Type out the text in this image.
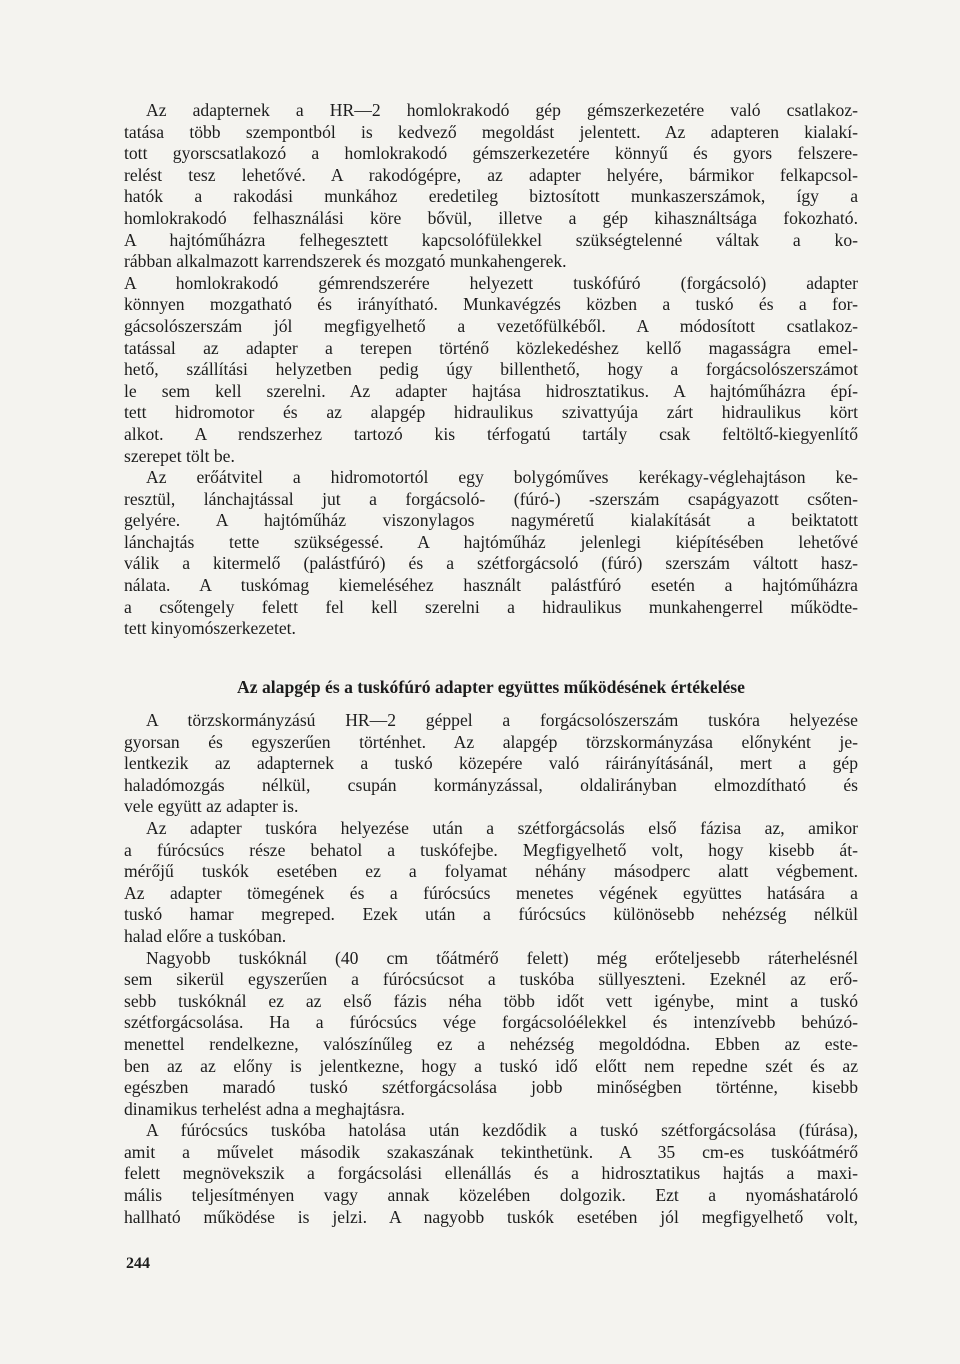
Az adapternek a HR—2 homlokrakodó gép gémszerkezetére való csatlakoz-
tatása több szempontból is kedvező megoldást jelentett. Az adapteren kialakí-
tott gyorscsatlakozó a homlokrakodó gémszerkezetére könnyű és gyors felszere-
relést tesz lehetővé. A rakodógépre, az adapter helyére, bármikor felkapcsol-
hatók a rakodási munkához eredetileg biztosított munkaszerszámok, így a
homlokrakodó felhasználási köre bővül, illetve a gép kihasználtsága fokozható.
A hajtóműházra felhegesztett kapcsolófülekkel szükségtelenné váltak a ko-
rábban alkalmazott karrendszerek és mozgató munkahengerek.
A homlokrakodó gémrendszerére helyezett tuskófúró (forgácsoló) adapter
könnyen mozgatható és irányítható. Munkavégzés közben a tuskó és a for-
gácsolószerszám jól megfigyelhető a vezetőfülkéből. A módosított csatlakoz-
tatással az adapter a terepen történő közlekedéshez kellő magasságra emel-
hető, szállítási helyzetben pedig úgy billenthető, hogy a forgácsolószerszámot
le sem kell szerelni. Az adapter hajtása hidrosztatikus. A hajtóműházra épí-
tett hidromotor és az alapgép hidraulikus szivattyúja zárt hidraulikus kört
alkot. A rendszerhez tartozó kis térfogatú tartály csak feltöltő-kiegyenlítő
szerepet tölt be.
Az erőátvitel a hidromotortól egy bolygóműves kerékagy-véglehajtáson ke-
resztül, lánchajtással jut a forgácsoló- (fúró-) -szerszám csapágyazott csőten-
gelyére. A hajtóműház viszonylagos nagyméretű kialakítását a beiktatott
lánchajtás tette szükségessé. A hajtóműház jelenlegi kiépítésében lehetővé
válik a kitermelő (palástfúró) és a szétforgácsoló (fúró) szerszám váltott hasz-
nálata. A tuskómag kiemeléséhez használt palástfúró esetén a hajtóműházra
a csőtengely felett fel kell szerelni a hidraulikus munkahengerrel működte-
tett kinyomószerkezetet.
Az alapgép és a tuskófúró adapter együttes működésének értékelése
A törzskormányzású HR—2 géppel a forgácsolószerszám tuskóra helyezése
gyorsan és egyszerűen történhet. Az alapgép törzskormányzása előnyként je-
lentkezik az adapternek a tuskó közepére való ráirányításánál, mert a gép
haladómozgás nélkül, csupán kormányzással, oldalirányban elmozdítható és
vele együtt az adapter is.
Az adapter tuskóra helyezése után a szétforgácsolás első fázisa az, amikor
a fúrócsúcs része behatol a tuskófejbe. Megfigyelhető volt, hogy kisebb át-
mérőjű tuskók esetében ez a folyamat néhány másodperc alatt végbement.
Az adapter tömegének és a fúrócsúcs menetes végének együttes hatására a
tuskó hamar megreped. Ezek után a fúrócsúcs különösebb nehézség nélkül
halad előre a tuskóban.
Nagyobb tuskóknál (40 cm tőátmérő felett) még erőteljesebb ráterhelésnél
sem sikerül egyszerűen a fúrócsúcsot a tuskóba süllyeszteni. Ezeknél az erő-
sebb tuskóknál ez az első fázis néha több időt vett igénybe, mint a tuskó
szétforgácsolása. Ha a fúrócsúcs vége forgácsolóélekkel és intenzívebb behúzó-
menettel rendelkezne, valószínűleg ez a nehézség megoldódna. Ebben az este-
ben az az előny is jelentkezne, hogy a tuskó idő előtt nem repedne szét és az
egészben maradó tuskó szétforgácsolása jobb minőségben történne, kisebb
dinamikus terhelést adna a meghajtásra.
A fúrócsúcs tuskóba hatolása után kezdődik a tuskó szétforgácsolása (fúrása),
amit a művelet második szakaszának tekinthetünk. A 35 cm-es tuskóátmérő
felett megnövekszik a forgácsolási ellenállás és a hidrosztatikus hajtás a maxi-
mális teljesítményen vagy annak közelében dolgozik. Ezt a nyomáshatároló
hallható működése is jelzi. A nagyobb tuskók esetében jól megfigyelhető volt,
244
